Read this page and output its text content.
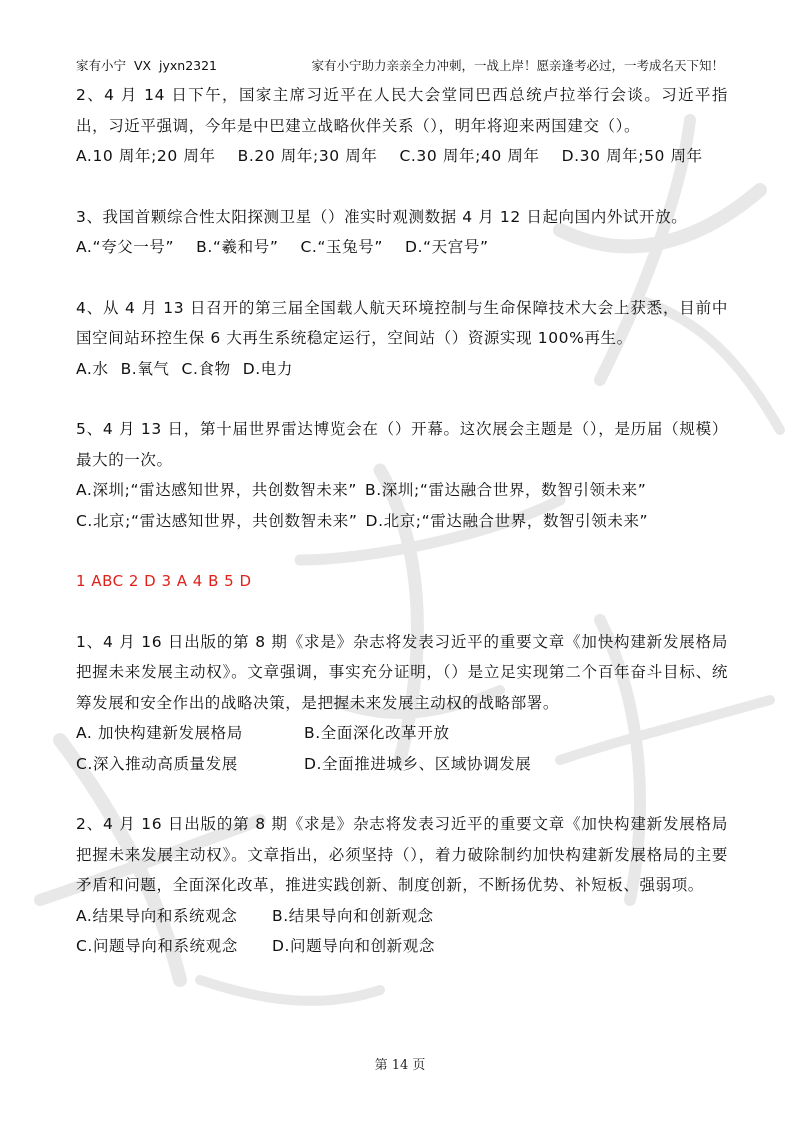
家有小宁  VX  jyxn2321	家有小宁助力亲亲全力冲刺，一战上岸！愿亲逢考必过，一考成名天下知！
2、4 月 14 日下午，国家主席习近平在人民大会堂同巴西总统卢拉举行会谈。习近平指出，习近平强调，今年是中巴建立战略伙伴关系（），明年将迎来两国建交（）。
A.10 周年;20 周年 B.20 周年;30 周年 C.30 周年;40 周年 D.30 周年;50 周年
3、我国首颗综合性太阳探测卫星（）准实时观测数据 4 月 12 日起向国内外试开放。
A.“夸父一号” B.“羲和号” C.“玉兔号” D.“天宫号”
4、从 4 月 13 日召开的第三届全国载人航天环境控制与生命保障技术大会上获悉，目前中国空间站环控生保 6 大再生系统稳定运行，空间站（）资源实现 100%再生。
A.水 B.氧气 C.食物 D.电力
5、4 月 13 日，第十届世界雷达博览会在（）开幕。这次展会主题是（），是历届（规模）最大的一次。
A.深圳;“雷达感知世界，共创数智未来” B.深圳;“雷达融合世界，数智引领未来”
C.北京;“雷达感知世界，共创数智未来” D.北京;“雷达融合世界，数智引领未来”
1 ABC 2 D 3 A 4 B 5 D
1、4 月 16 日出版的第 8 期《求是》杂志将发表习近平的重要文章《加快构建新发展格局 把握未来发展主动权》。文章强调，事实充分证明，（）是立足实现第二个百年奋斗目标、统筹发展和安全作出的战略决策，是把握未来发展主动权的战略部署。
A. 加快构建新发展格局	B.全面深化改革开放
C.深入推动高质量发展	D.全面推进城乡、区域协调发展
2、4 月 16 日出版的第 8 期《求是》杂志将发表习近平的重要文章《加快构建新发展格局 把握未来发展主动权》。文章指出，必须坚持（），着力破除制约加快构建新发展格局的主要矛盾和问题，全面深化改革，推进实践创新、制度创新，不断扬优势、补短板、强弱项。
A.结果导向和系统观念	B.结果导向和创新观念
C.问题导向和系统观念	D.问题导向和创新观念
第 14 页
